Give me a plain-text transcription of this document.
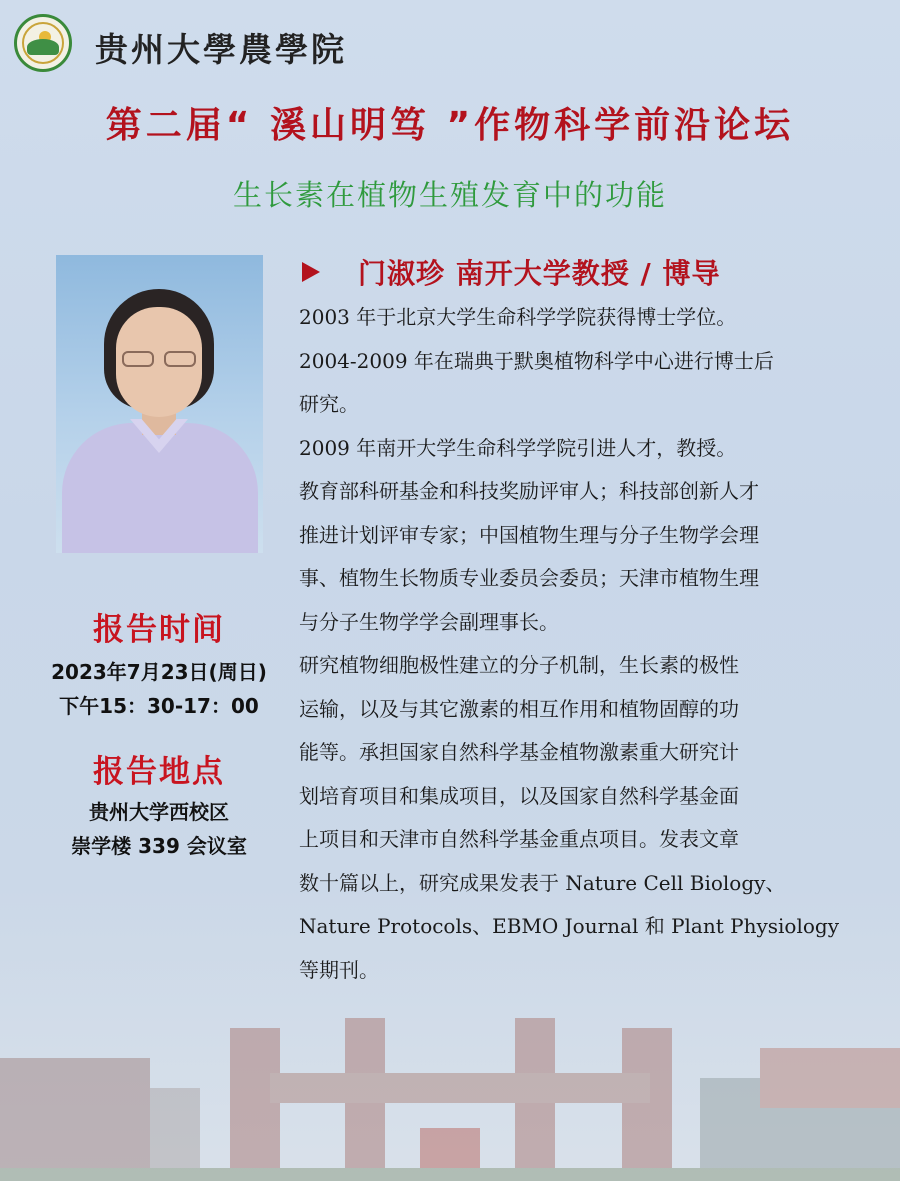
贵州大學農學院
第二届“ 溪山明笃 ”作物科学前沿论坛
生长素在植物生殖发育中的功能
报告时间
2023年7月23日(周日)
下午15：30-17：00
报告地点
贵州大学西校区
崇学楼 339 会议室
门淑珍 南开大学教授 / 博导

2003 年于北京大学生命科学学院获得博士学位。

2004-2009 年在瑞典于默奥植物科学中心进行博士后

研究。

2009 年南开大学生命科学学院引进人才，教授。

教育部科研基金和科技奖励评审人；科技部创新人才

推进计划评审专家；中国植物生理与分子生物学会理

事、植物生长物质专业委员会委员；天津市植物生理

与分子生物学学会副理事长。

研究植物细胞极性建立的分子机制，生长素的极性

运输，以及与其它激素的相互作用和植物固醇的功

能等。承担国家自然科学基金植物激素重大研究计

划培育项目和集成项目，以及国家自然科学基金面

上项目和天津市自然科学基金重点项目。发表文章

数十篇以上，研究成果发表于 Nature Cell Biology、

Nature Protocols、EBMO Journal 和 Plant Physiology

等期刊。
